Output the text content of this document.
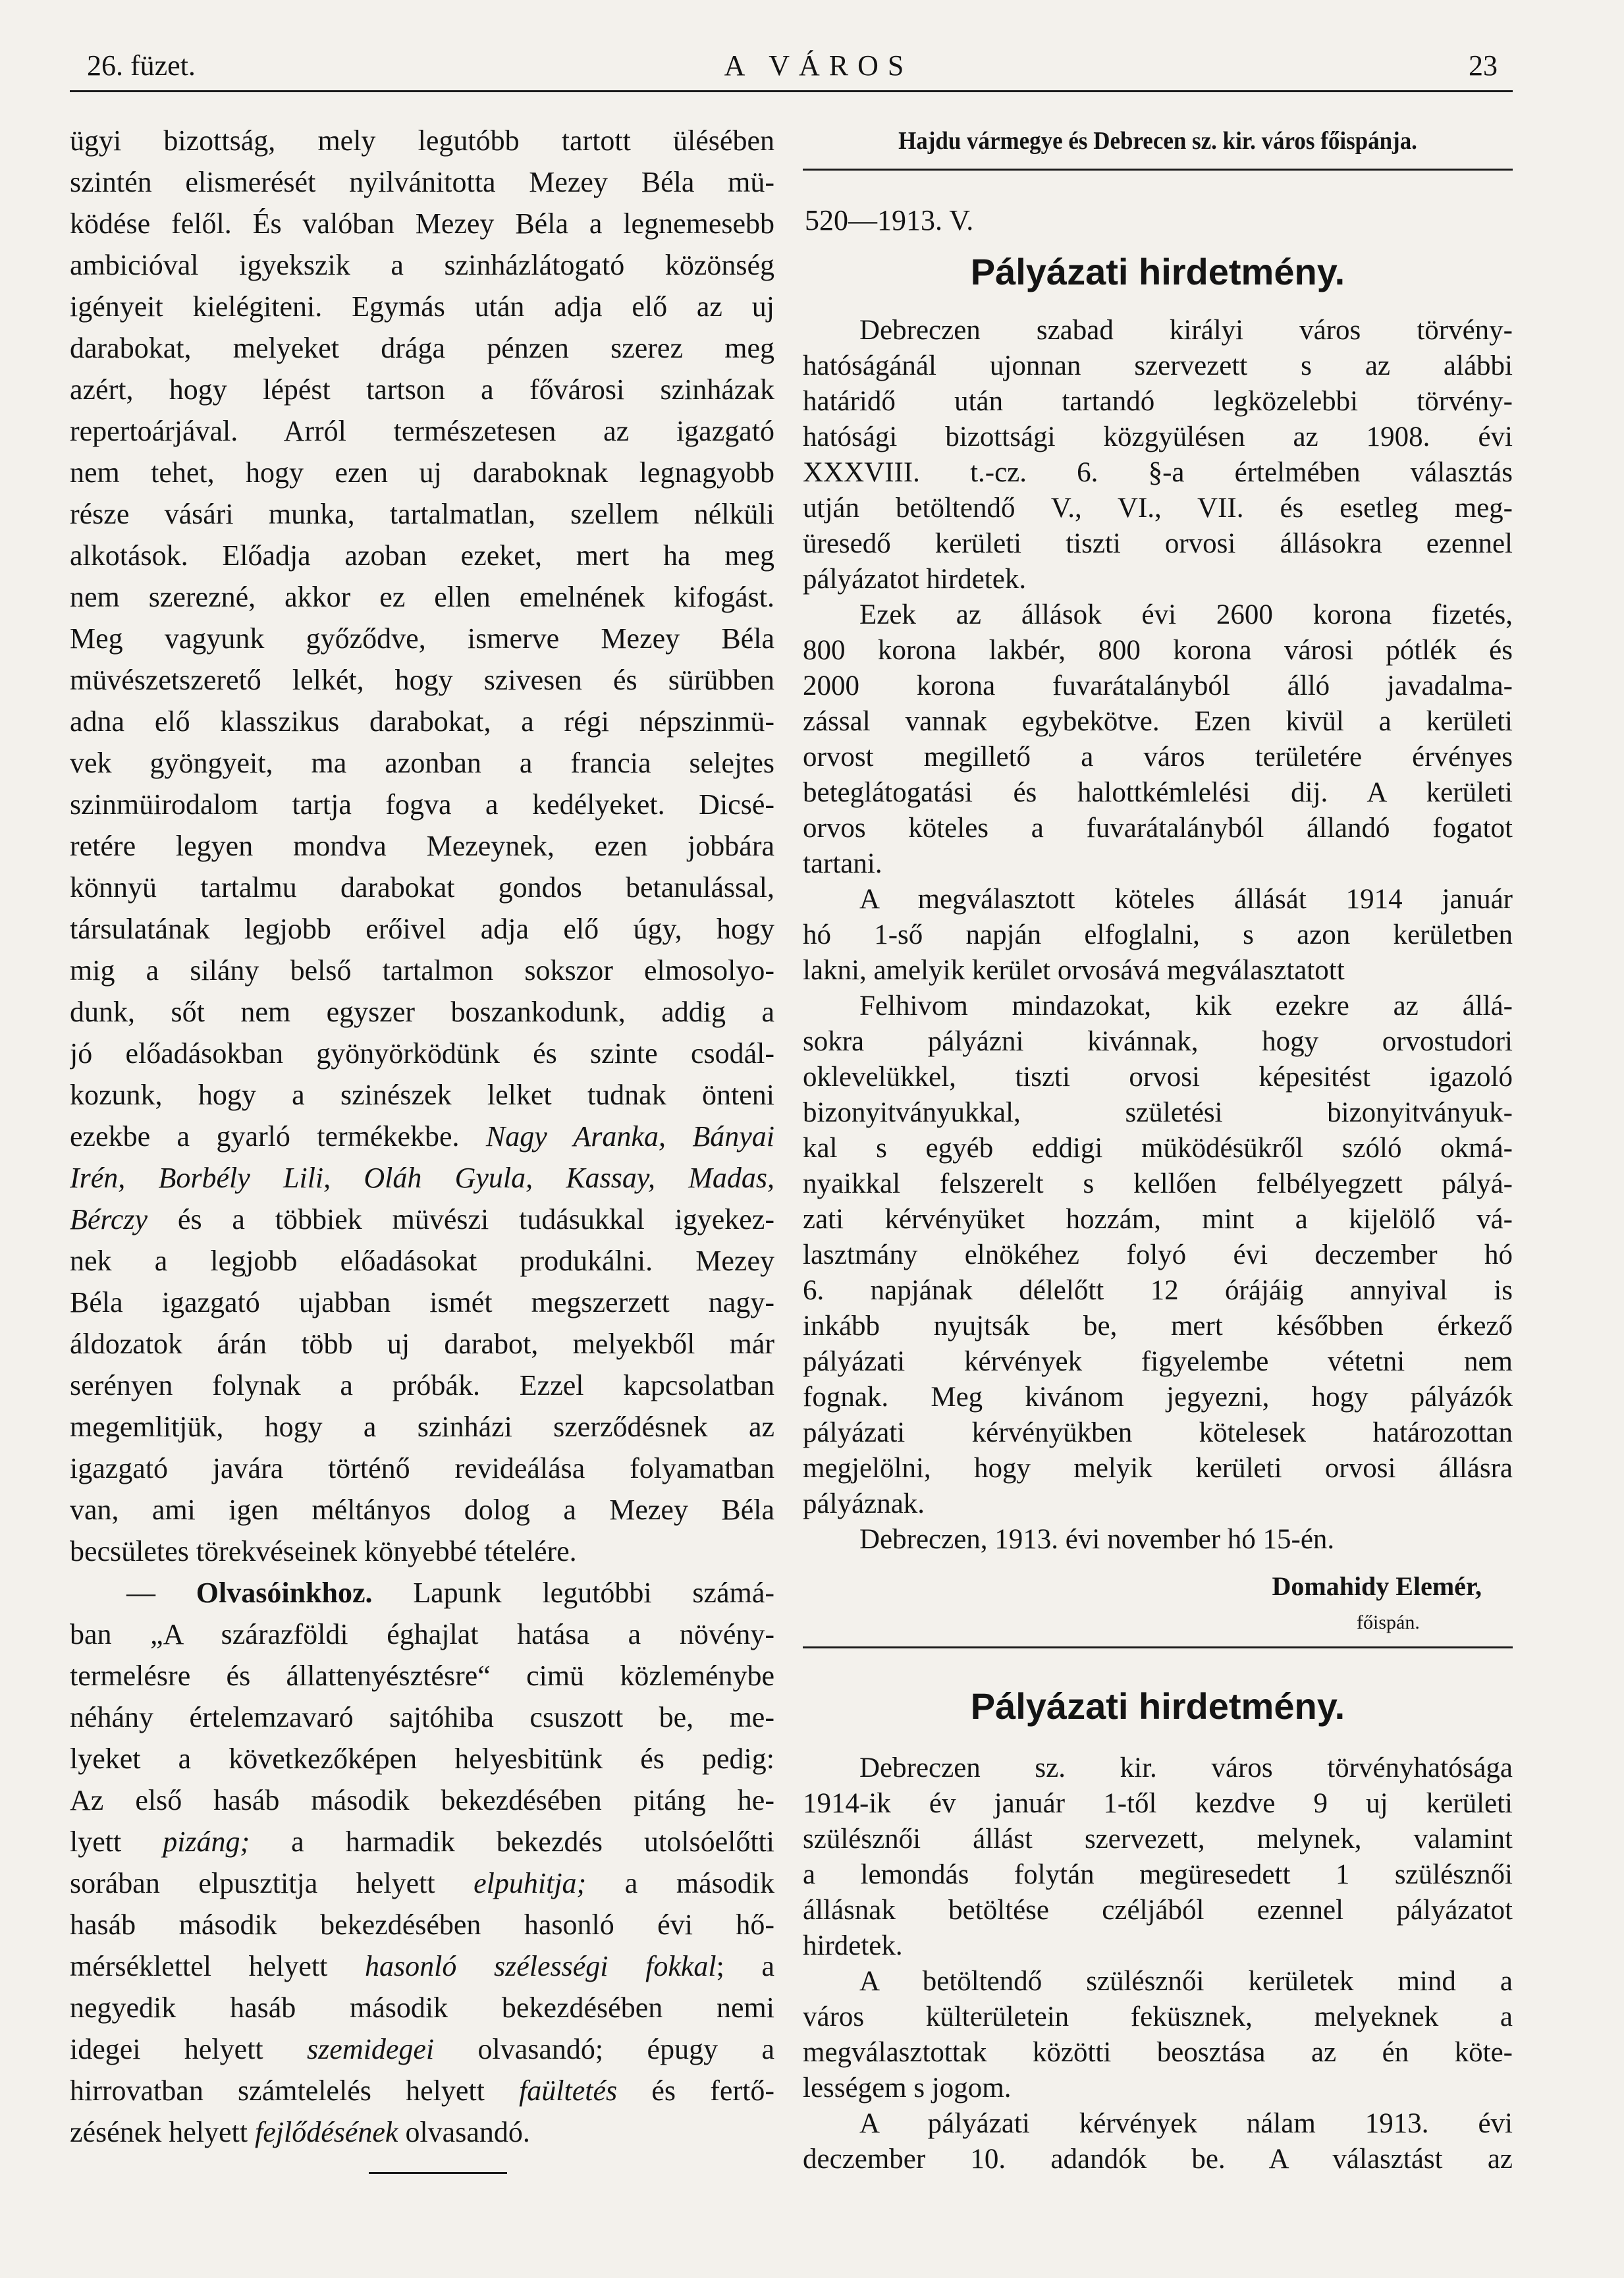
26. füzet.	A VÁROS	23
ügyi bizottság, mely legutóbb tartott ülésében
szintén elismerését nyilvánitotta Mezey Béla mü-
ködése felől. És valóban Mezey Béla a legnemesebb
ambicióval igyekszik a szinházlátogató közönség
igényeit kielégiteni. Egymás után adja elő az uj
darabokat, melyeket drága pénzen szerez meg
azért, hogy lépést tartson a fővárosi szinházak
repertoárjával. Arról természetesen az igazgató
nem tehet, hogy ezen uj daraboknak legnagyobb
része vásári munka, tartalmatlan, szellem nélküli
alkotások. Előadja azoban ezeket, mert ha meg
nem szerezné, akkor ez ellen emelnének kifogást.
Meg vagyunk győződve, ismerve Mezey Béla
müvészetszerető lelkét, hogy szivesen és sürübben
adna elő klasszikus darabokat, a régi népszinmü-
vek gyöngyeit, ma azonban a francia selejtes
szinmüirodalom tartja fogva a kedélyeket. Dicsé-
retére legyen mondva Mezeynek, ezen jobbára
könnyü tartalmu darabokat gondos betanulással,
társulatának legjobb erőivel adja elő úgy, hogy
mig a silány belső tartalmon sokszor elmosolyo-
dunk, sőt nem egyszer boszankodunk, addig a
jó előadásokban gyönyörködünk és szinte csodál-
kozunk, hogy a szinészek lelket tudnak önteni
ezekbe a gyarló termékekbe. Nagy Aranka, Bányai
Irén, Borbély Lili, Oláh Gyula, Kassay, Madas,
Bérczy és a többiek müvészi tudásukkal igyekez-
nek a legjobb előadásokat produkálni. Mezey
Béla igazgató ujabban ismét megszerzett nagy-
áldozatok árán több uj darabot, melyekből már
serényen folynak a próbák. Ezzel kapcsolatban
megemlitjük, hogy a szinházi szerződésnek az
igazgató javára történő revideálása folyamatban
van, ami igen méltányos dolog a Mezey Béla
becsületes törekvéseinek könyebbé tételére.
— Olvasóinkhoz. Lapunk legutóbbi számá-
ban „A szárazföldi éghajlat hatása a növény-
termelésre és állattenyésztésre“ cimü közleménybe
néhány értelemzavaró sajtóhiba csuszott be, me-
lyeket a következőképen helyesbitünk és pedig:
Az első hasáb második bekezdésében pitáng he-
lyett pizáng; a harmadik bekezdés utolsóelőtti
sorában elpusztitja helyett elpuhitja; a második
hasáb második bekezdésében hasonló évi hő-
mérséklettel helyett hasonló szélességi fokkal; a
negyedik hasáb második bekezdésében nemi
idegei helyett szemidegei olvasandó; épugy a
hirrovatban számtelelés helyett faültetés és fertő-
zésének helyett fejlődésének olvasandó.
Hajdu vármegye és Debrecen sz. kir. város főispánja.
520—1913. V.
Pályázati hirdetmény.
Debreczen szabad királyi város törvény-
hatóságánál ujonnan szervezett s az alábbi
határidő után tartandó legközelebbi törvény-
hatósági bizottsági közgyülésen az 1908. évi
XXXVIII. t.-cz. 6. §-a értelmében választás
utján betöltendő V., VI., VII. és esetleg meg-
üresedő kerületi tiszti orvosi állásokra ezennel
pályázatot hirdetek.
Ezek az állások évi 2600 korona fizetés,
800 korona lakbér, 800 korona városi pótlék és
2000 korona fuvarátalányból álló javadalma-
zással vannak egybekötve. Ezen kivül a kerületi
orvost megillető a város területére érvényes
beteglátogatási és halottkémlelési dij. A kerületi
orvos köteles a fuvarátalányból állandó fogatot
tartani.
A megválasztott köteles állását 1914 január
hó 1-ső napján elfoglalni, s azon kerületben
lakni, amelyik kerület orvosává megválasztatott
Felhivom mindazokat, kik ezekre az állá-
sokra pályázni kivánnak, hogy orvostudori
oklevelükkel, tiszti orvosi képesitést igazoló
bizonyitványukkal, születési bizonyitványuk-
kal s egyéb eddigi müködésükről szóló okmá-
nyaikkal felszerelt s kellően felbélyegzett pályá-
zati kérvényüket hozzám, mint a kijelölő vá-
lasztmány elnökéhez folyó évi deczember hó
6. napjának délelőtt 12 órájáig annyival is
inkább nyujtsák be, mert későbben érkező
pályázati kérvények figyelembe vétetni nem
fognak. Meg kivánom jegyezni, hogy pályázók
pályázati kérvényükben kötelesek határozottan
megjelölni, hogy melyik kerületi orvosi állásra
pályáznak.
Debreczen, 1913. évi november hó 15-én.
Domahidy Elemér,
főispán.
Pályázati hirdetmény.
Debreczen sz. kir. város törvényhatósága
1914-ik év január 1-től kezdve 9 uj kerületi
szülésznői állást szervezett, melynek, valamint
a lemondás folytán megüresedett 1 szülésznői
állásnak betöltése czéljából ezennel pályázatot
hirdetek.
A betöltendő szülésznői kerületek mind a
város külterületein feküsznek, melyeknek a
megválasztottak közötti beosztása az én köte-
lességem s jogom.
A pályázati kérvények nálam 1913. évi
deczember 10. adandók be. A választást az
